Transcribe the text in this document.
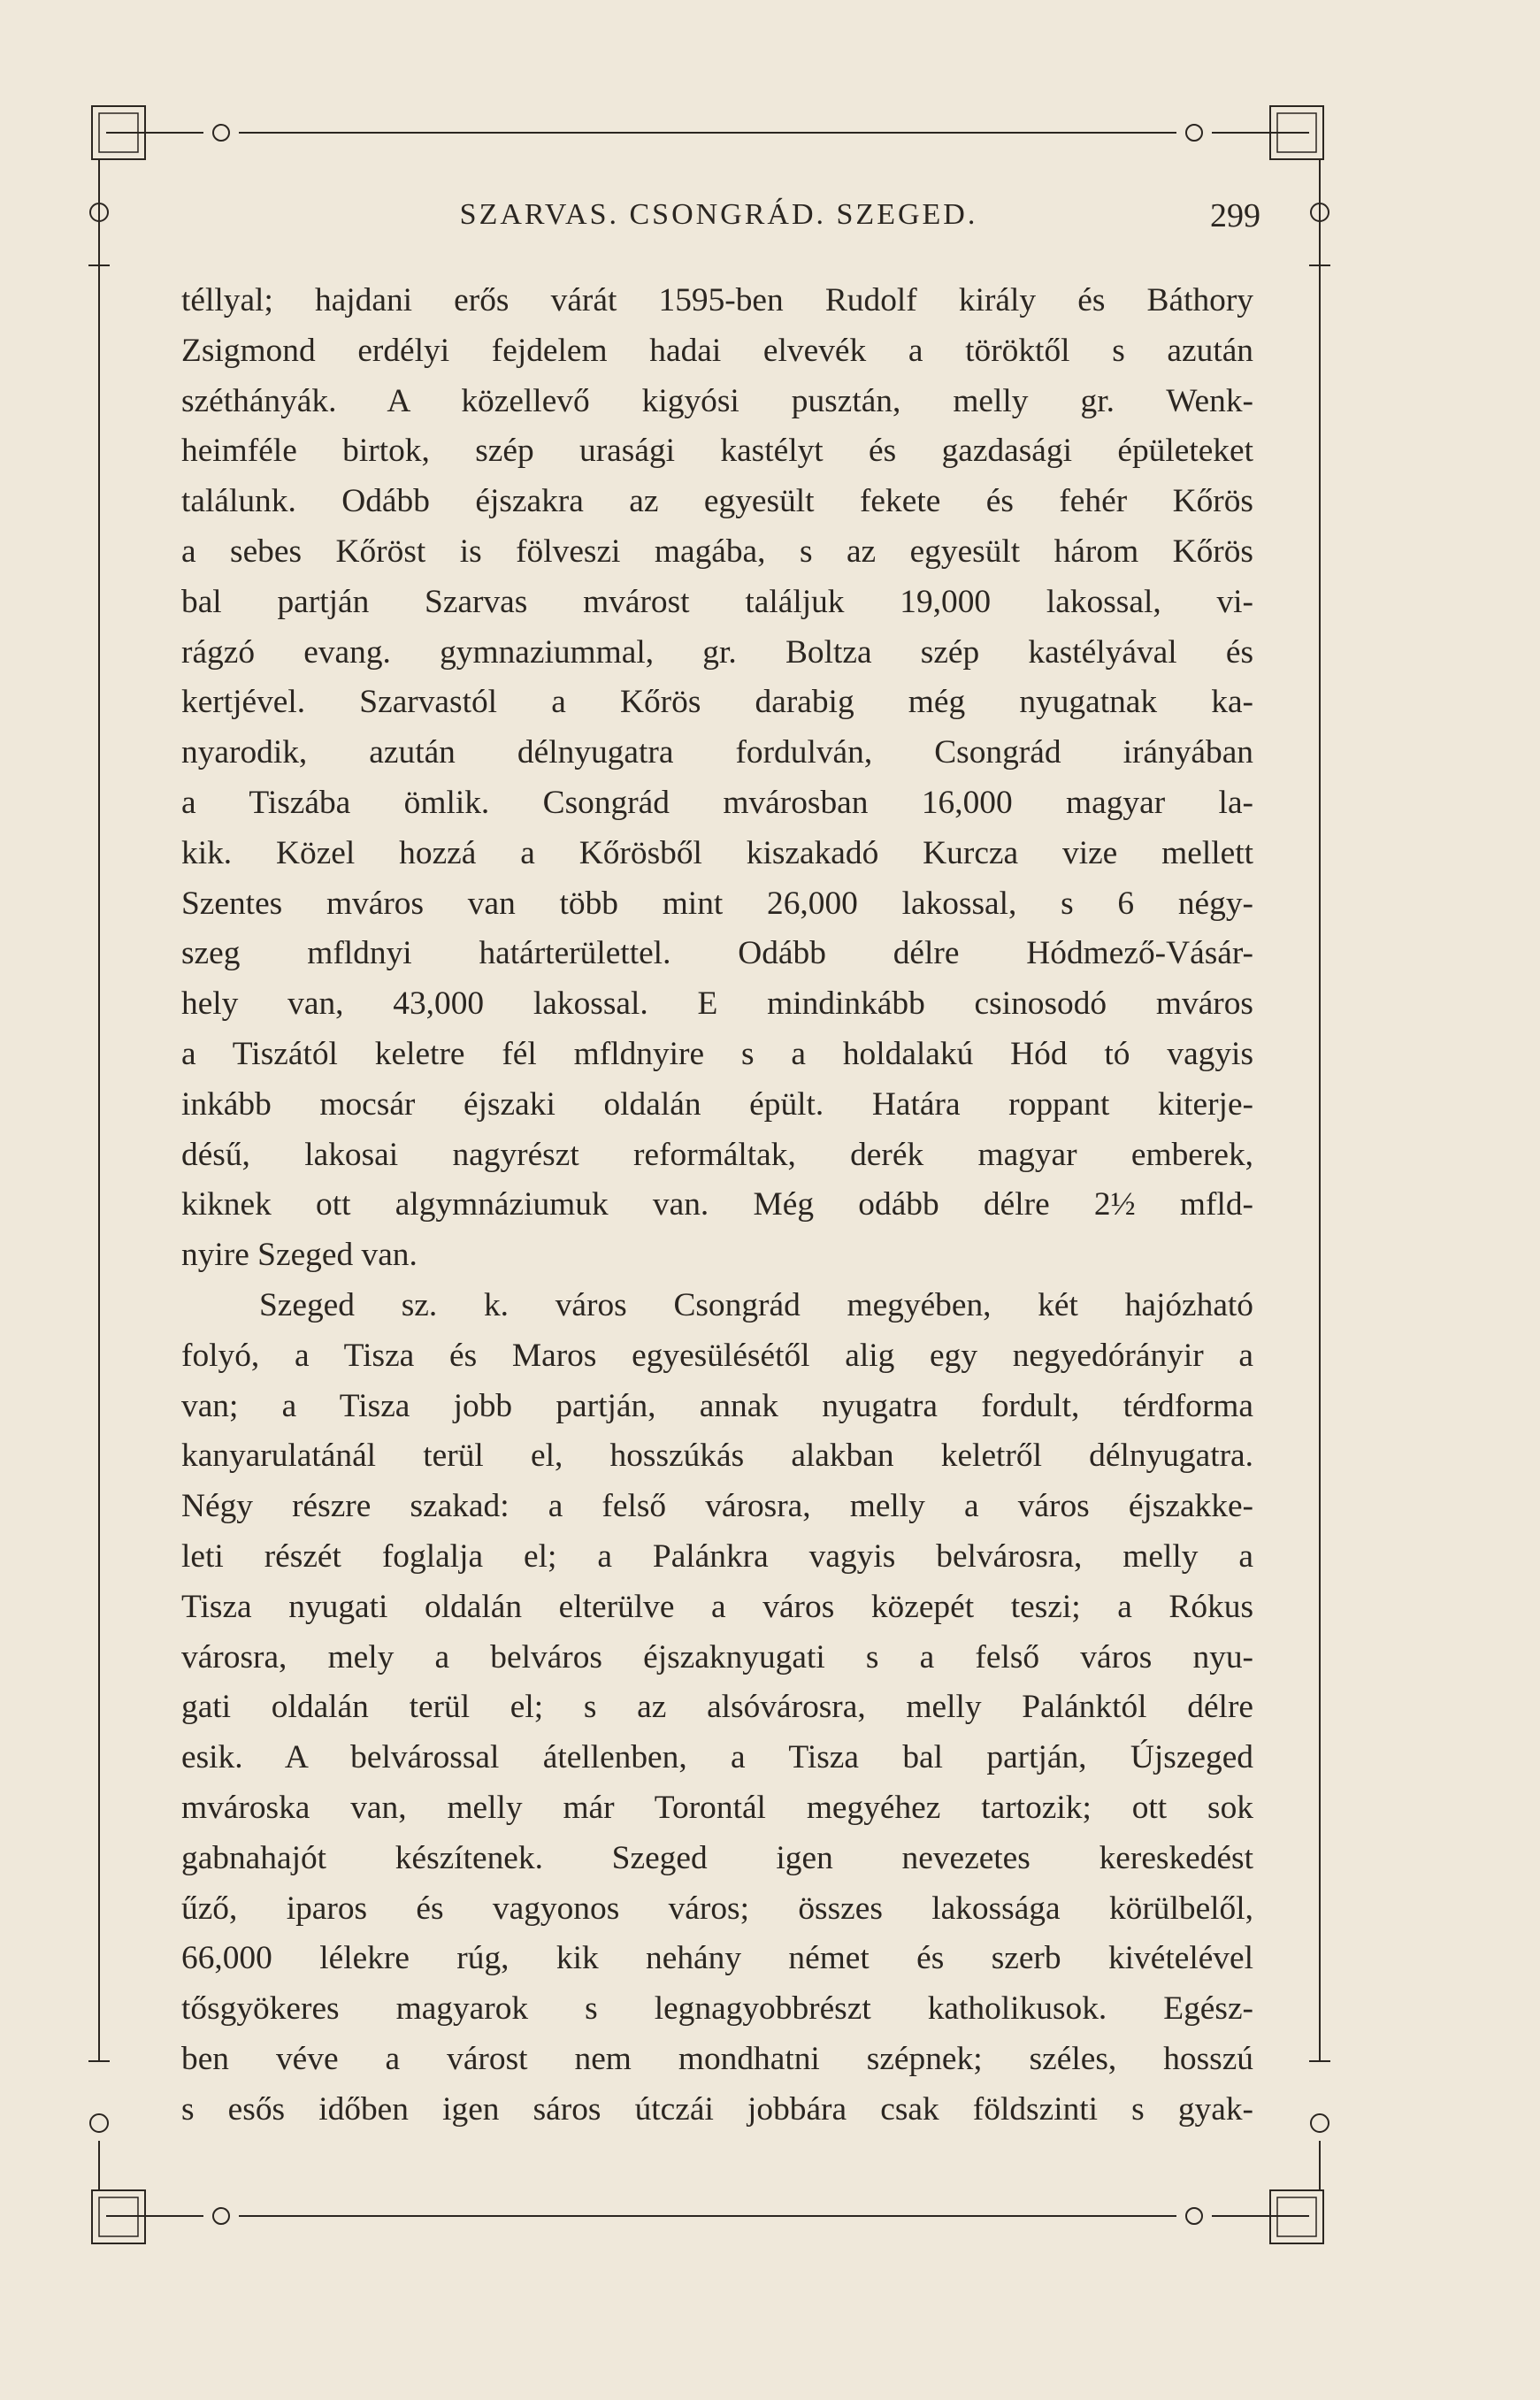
SZARVAS. CSONGRÁD. SZEGED.	299
téllyal; hajdani erős várát 1595-ben Rudolf király és Báthory
Zsigmond erdélyi fejdelem hadai elvevék a töröktől s azután
széthányák. A közellevő kigyósi pusztán, melly gr. Wenk-
heimféle birtok, szép urasági kastélyt és gazdasági épületeket
találunk. Odább éjszakra az egyesült fekete és fehér Kőrös
a sebes Kőröst is fölveszi magába, s az egyesült három Kőrös
bal partján Szarvas mvárost találjuk 19,000 lakossal, vi-
rágzó evang. gymnaziummal, gr. Boltza szép kastélyával és
kertjével. Szarvastól a Kőrös darabig még nyugatnak ka-
nyarodik, azután délnyugatra fordulván, Csongrád irányában
a Tiszába ömlik. Csongrád mvárosban 16,000 magyar la-
kik. Közel hozzá a Kőrösből kiszakadó Kurcza vize mellett
Szentes mváros van több mint 26,000 lakossal, s 6 négy-
szeg mfldnyi határterülettel. Odább délre Hódmező-Vásár-
hely van, 43,000 lakossal. E mindinkább csinosodó mváros
a Tiszától keletre fél mfldnyire s a holdalakú Hód tó vagyis
inkább mocsár éjszaki oldalán épült. Határa roppant kiterje-
désű, lakosai nagyrészt reformáltak, derék magyar emberek,
kiknek ott algymnáziumuk van. Még odább délre 2½ mfld-
nyire Szeged van.
Szeged sz. k. város Csongrád megyében, két hajózható
folyó, a Tisza és Maros egyesülésétől alig egy negyedórányir a
van; a Tisza jobb partján, annak nyugatra fordult, térdforma
kanyarulatánál terül el, hosszúkás alakban keletről délnyugatra.
Négy részre szakad: a felső városra, melly a város éjszakke-
leti részét foglalja el; a Palánkra vagyis belvárosra, melly a
Tisza nyugati oldalán elterülve a város közepét teszi; a Rókus
városra, mely a belváros éjszaknyugati s a felső város nyu-
gati oldalán terül el; s az alsóvárosra, melly Palánktól délre
esik. A belvárossal átellenben, a Tisza bal partján, Újszeged
mvároska van, melly már Torontál megyéhez tartozik; ott sok
gabnahajót készítenek. Szeged igen nevezetes kereskedést
űző, iparos és vagyonos város; összes lakossága körülbelől,
66,000 lélekre rúg, kik nehány német és szerb kivételével
tősgyökeres magyarok s legnagyobbrészt katholikusok. Egész-
ben véve a várost nem mondhatni szépnek; széles, hosszú
s esős időben igen sáros útczái jobbára csak földszinti s gyak-
